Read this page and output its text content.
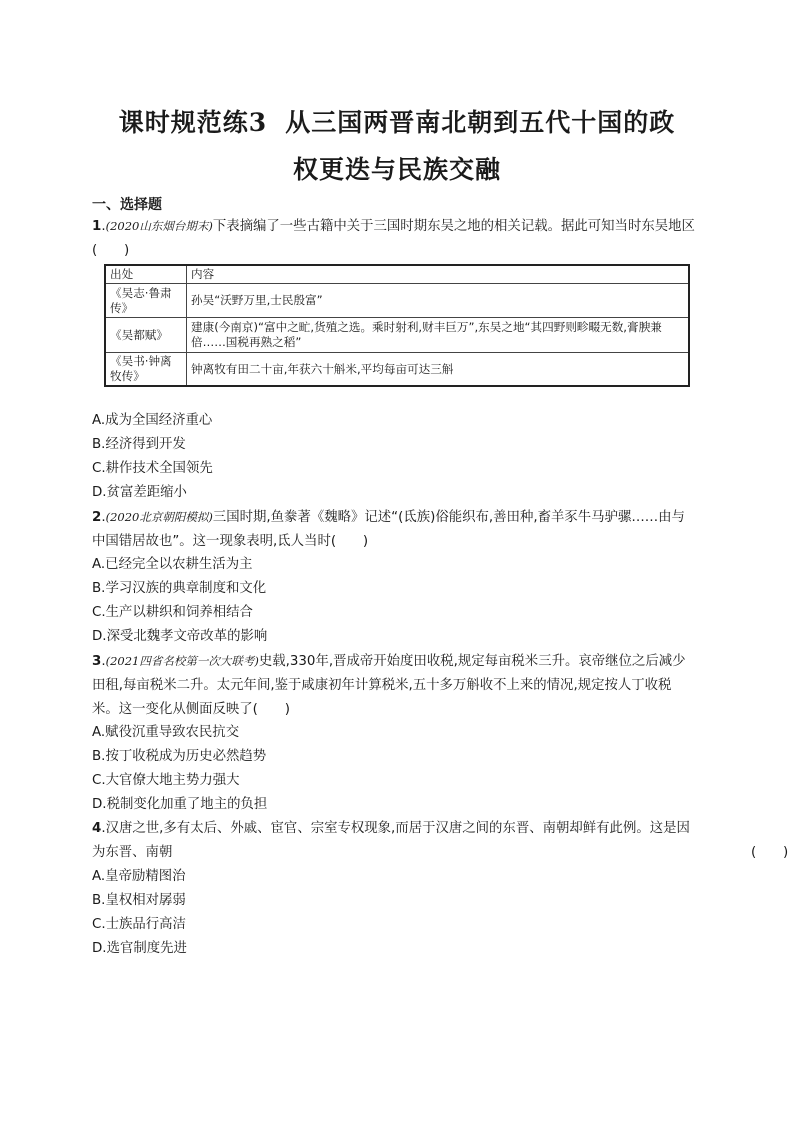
课时规范练3 从三国两晋南北朝到五代十国的政
权更迭与民族交融

一、选择题

1.(2020山东烟台期末)下表摘编了一些古籍中关于三国时期东吴之地的相关记载。据此可知当时东吴地区(　　)

出处	内容
《吴志·鲁肃传》	孙吴“沃野万里,士民殷富”
《吴都赋》	建康(今南京)“富中之甿,货殖之选。乘时射利,财丰巨万”,东吴之地“其四野则畛畷无数,膏腴兼倍……国税再熟之稻”
《吴书·钟离牧传》	钟离牧有田二十亩,年获六十斛米,平均每亩可达三斛

A.成为全国经济重心

B.经济得到开发

C.耕作技术全国领先

D.贫富差距缩小

2.(2020北京朝阳模拟)三国时期,鱼豢著《魏略》记述“(氐族)俗能织布,善田种,畜羊豕牛马驴骡……由与中国错居故也”。这一现象表明,氐人当时(　　)

A.已经完全以农耕生活为主

B.学习汉族的典章制度和文化

C.生产以耕织和饲养相结合

D.深受北魏孝文帝改革的影响

3.(2021四省名校第一次大联考)史载,330年,晋成帝开始度田收税,规定每亩税米三升。哀帝继位之后减少田租,每亩税米二升。太元年间,鉴于咸康初年计算税米,五十多万斛收不上来的情况,规定按人丁收税米。这一变化从侧面反映了(　　)

A.赋役沉重导致农民抗交

B.按丁收税成为历史必然趋势

C.大官僚大地主势力强大

D.税制变化加重了地主的负担

4.汉唐之世,多有太后、外戚、宦官、宗室专权现象,而居于汉唐之间的东晋、南朝却鲜有此例。这是因为东晋、南朝	(　　)

A.皇帝励精图治

B.皇权相对孱弱

C.士族品行高洁

D.选官制度先进
